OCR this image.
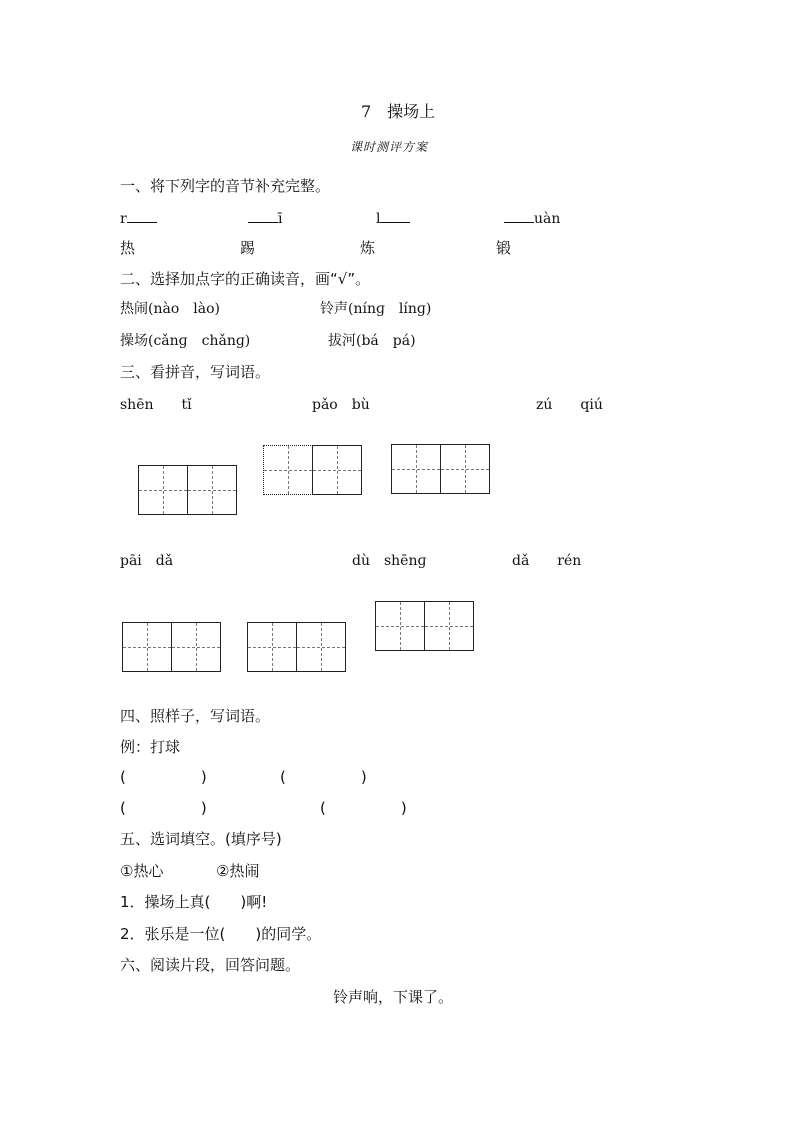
7　操场上
课时测评方案
一、将下列字的音节补充完整。
r	ī	l	uàn
热	踢	炼	锻
二、选择加点字的正确读音，画“√”。
热闹(nào　lào)	铃声(nínɡ　línɡ)
操场(cǎnɡ　chǎnɡ)	拔河(bá　pá)
三、看拼音，写词语。
shēn　　tǐ	pǎo　bù	zú　　qiú
pāi　dǎ	dù　shēnɡ	dǎ　　rén
四、照样子，写词语。
例：打球
(　　　　　)	(　　　　　)
(　　　　　)	(　　　　　)
五、选词填空。(填序号)
①热心	②热闹
1．操场上真(　　)啊!
2．张乐是一位(　　)的同学。
六、阅读片段，回答问题。
铃声响，下课了。
